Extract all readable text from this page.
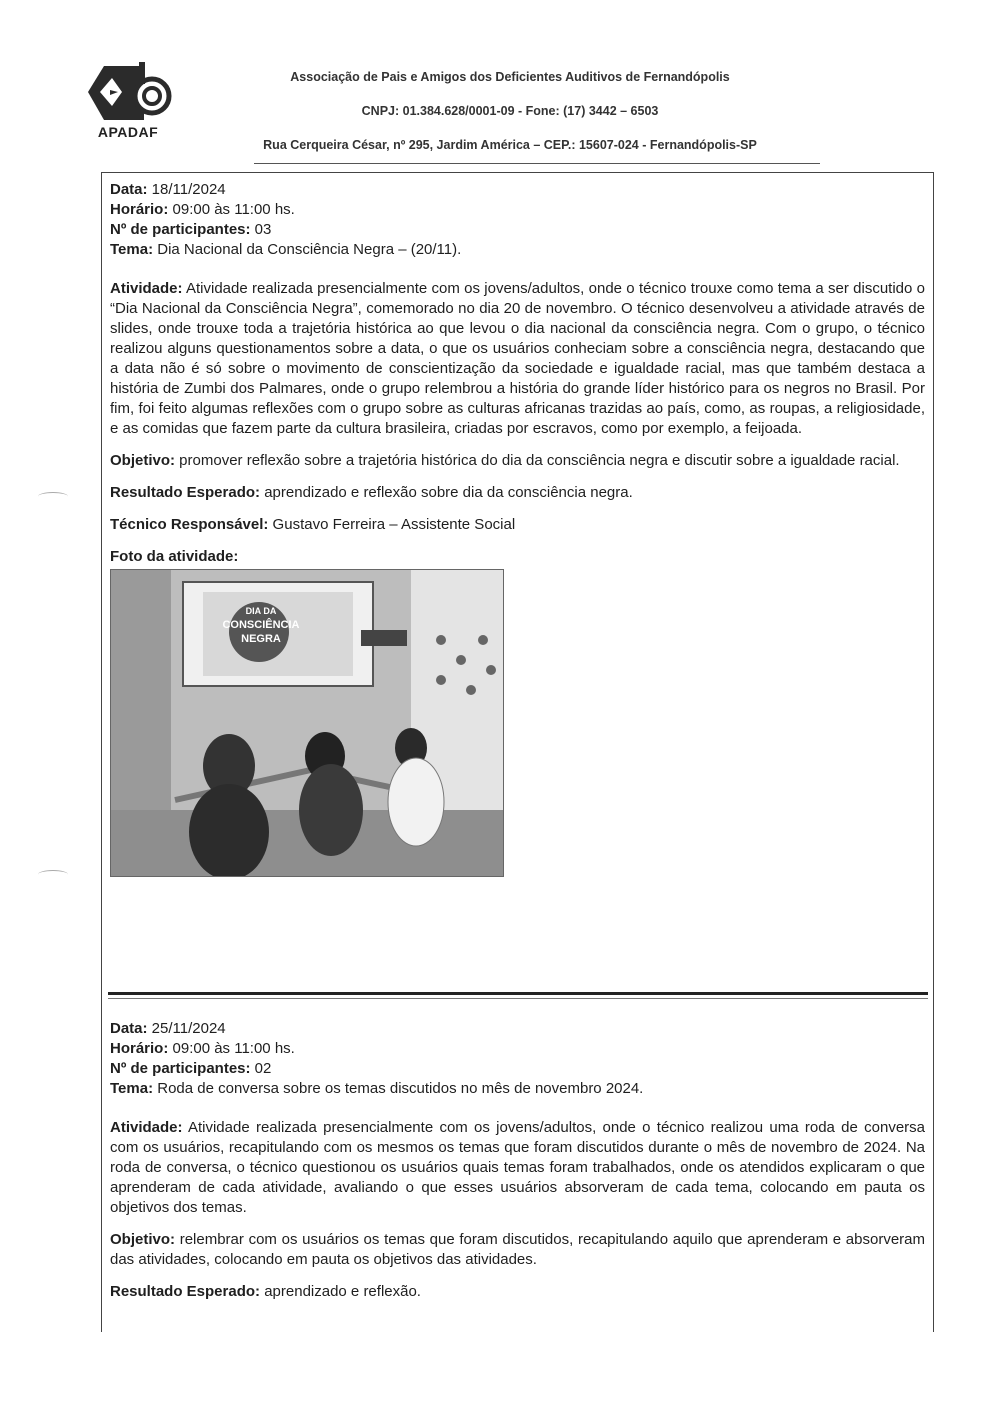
APADAF
Associação de Pais e Amigos dos Deficientes Auditivos de Fernandópolis
CNPJ: 01.384.628/0001-09 - Fone: (17) 3442 – 6503
Rua Cerqueira César, nº 295, Jardim América – CEP.: 15607-024 - Fernandópolis-SP

Data: 18/11/2024

Horário: 09:00 às 11:00 hs.

Nº de participantes: 03

Tema: Dia Nacional da Consciência Negra – (20/11).

Atividade: Atividade realizada presencialmente com os jovens/adultos, onde o técnico trouxe como tema a ser discutido o “Dia Nacional da Consciência Negra”, comemorado no dia 20 de novembro. O técnico desenvolveu a atividade através de slides, onde trouxe toda a trajetória histórica ao que levou o dia nacional da consciência negra. Com o grupo, o técnico realizou alguns questionamentos sobre a data, o que os usuários conheciam sobre a consciência negra, destacando que a data não é só sobre o movimento de conscientização da sociedade e igualdade racial, mas que também destaca a história de Zumbi dos Palmares, onde o grupo relembrou a história do grande líder histórico para os negros no Brasil. Por fim, foi feito algumas reflexões com o grupo sobre as culturas africanas trazidas ao país, como, as roupas, a religiosidade, e as comidas que fazem parte da cultura brasileira, criadas por escravos, como por exemplo, a feijoada.

Objetivo: promover reflexão sobre a trajetória histórica do dia da consciência negra e discutir sobre a igualdade racial.

Resultado Esperado: aprendizado e reflexão sobre dia da consciência negra.

Técnico Responsável: Gustavo Ferreira – Assistente Social

Foto da atividade:

DIA DA
CONSCIÊNCIA
NEGRA

Data: 25/11/2024

Horário: 09:00 às 11:00 hs.

Nº de participantes: 02

Tema: Roda de conversa sobre os temas discutidos no mês de novembro 2024.

Atividade: Atividade realizada presencialmente com os jovens/adultos, onde o técnico realizou uma roda de conversa com os usuários, recapitulando com os mesmos os temas que foram discutidos durante o mês de novembro de 2024. Na roda de conversa, o técnico questionou os usuários quais temas foram trabalhados, onde os atendidos explicaram o que aprenderam de cada atividade, avaliando o que esses usuários absorveram de cada tema, colocando em pauta os objetivos dos temas.

Objetivo: relembrar com os usuários os temas que foram discutidos, recapitulando aquilo que aprenderam e absorveram das atividades, colocando em pauta os objetivos das atividades.

Resultado Esperado: aprendizado e reflexão.
